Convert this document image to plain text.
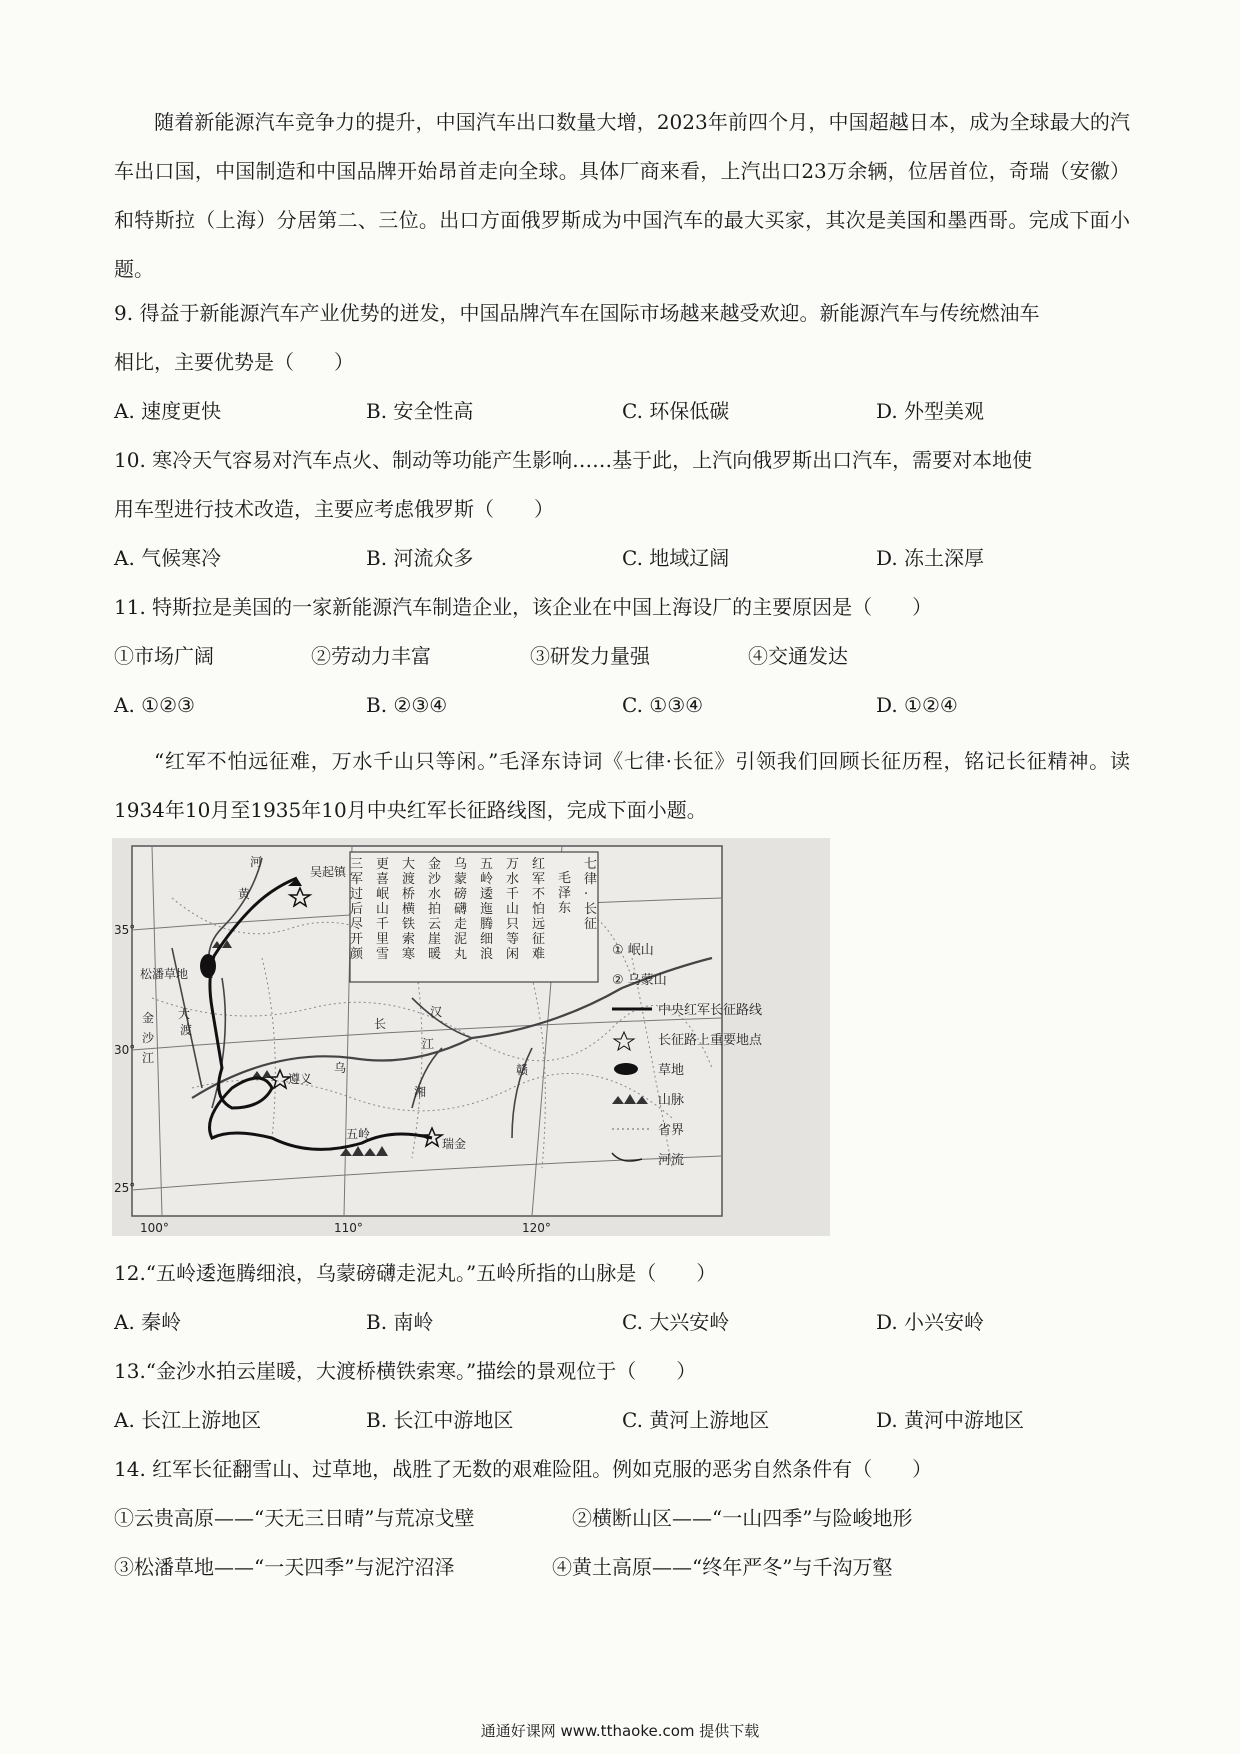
随着新能源汽车竞争力的提升，中国汽车出口数量大增，2023年前四个月，中国超越日本，成为全球最大的汽车出口国，中国制造和中国品牌开始昂首走向全球。具体厂商来看，上汽出口23万余辆，位居首位，奇瑞（安徽）和特斯拉（上海）分居第二、三位。出口方面俄罗斯成为中国汽车的最大买家，其次是美国和墨西哥。完成下面小题。
9. 得益于新能源汽车产业优势的迸发，中国品牌汽车在国际市场越来越受欢迎。新能源汽车与传统燃油车
相比，主要优势是（　　）
A. 速度更快	B. 安全性高	C. 环保低碳	D. 外型美观
10. 寒冷天气容易对汽车点火、制动等功能产生影响……基于此，上汽向俄罗斯出口汽车，需要对本地使
用车型进行技术改造，主要应考虑俄罗斯（　　）
A. 气候寒冷	B. 河流众多	C. 地域辽阔	D. 冻土深厚
11. 特斯拉是美国的一家新能源汽车制造企业，该企业在中国上海设厂的主要原因是（　　）
①市场广阔	②劳动力丰富	③研发力量强	④交通发达
A. ①②③	B. ②③④	C. ①③④	D. ①②④
“红军不怕远征难，万水千山只等闲。”毛泽东诗词《七律·长征》引领我们回顾长征历程，铭记长征精神。读1934年10月至1935年10月中央红军长征路线图，完成下面小题。
七律·长征
毛泽东
红军不怕远征难
万水千山只等闲
五岭逶迤腾细浪
乌蒙磅礴走泥丸
金沙水拍云崖暖
大渡桥横铁索寒
更喜岷山千里雪
三军过后尽开颜	① 岷山
② 乌蒙山
中央红军长征路线
长征路上重要地点
草地
山脉
省界
河流
吴起镇
松潘草地
瑞金
遵义
五岭
黄
河
长
江
汉
湘
赣
乌
大
渡
金
沙
江
35°
30°
25°
100°	110°	120°
12.“五岭逶迤腾细浪，乌蒙磅礴走泥丸。”五岭所指的山脉是（　　）
A. 秦岭	B. 南岭	C. 大兴安岭	D. 小兴安岭
13.“金沙水拍云崖暖，大渡桥横铁索寒。”描绘的景观位于（　　）
A. 长江上游地区	B. 长江中游地区	C. 黄河上游地区	D. 黄河中游地区
14. 红军长征翻雪山、过草地，战胜了无数的艰难险阻。例如克服的恶劣自然条件有（　　）
①云贵高原——“天无三日晴”与荒凉戈壁	②横断山区——“一山四季”与险峻地形
③松潘草地——“一天四季”与泥泞沼泽	④黄土高原——“终年严冬”与千沟万壑
通通好课网 www.tthaoke.com 提供下载
